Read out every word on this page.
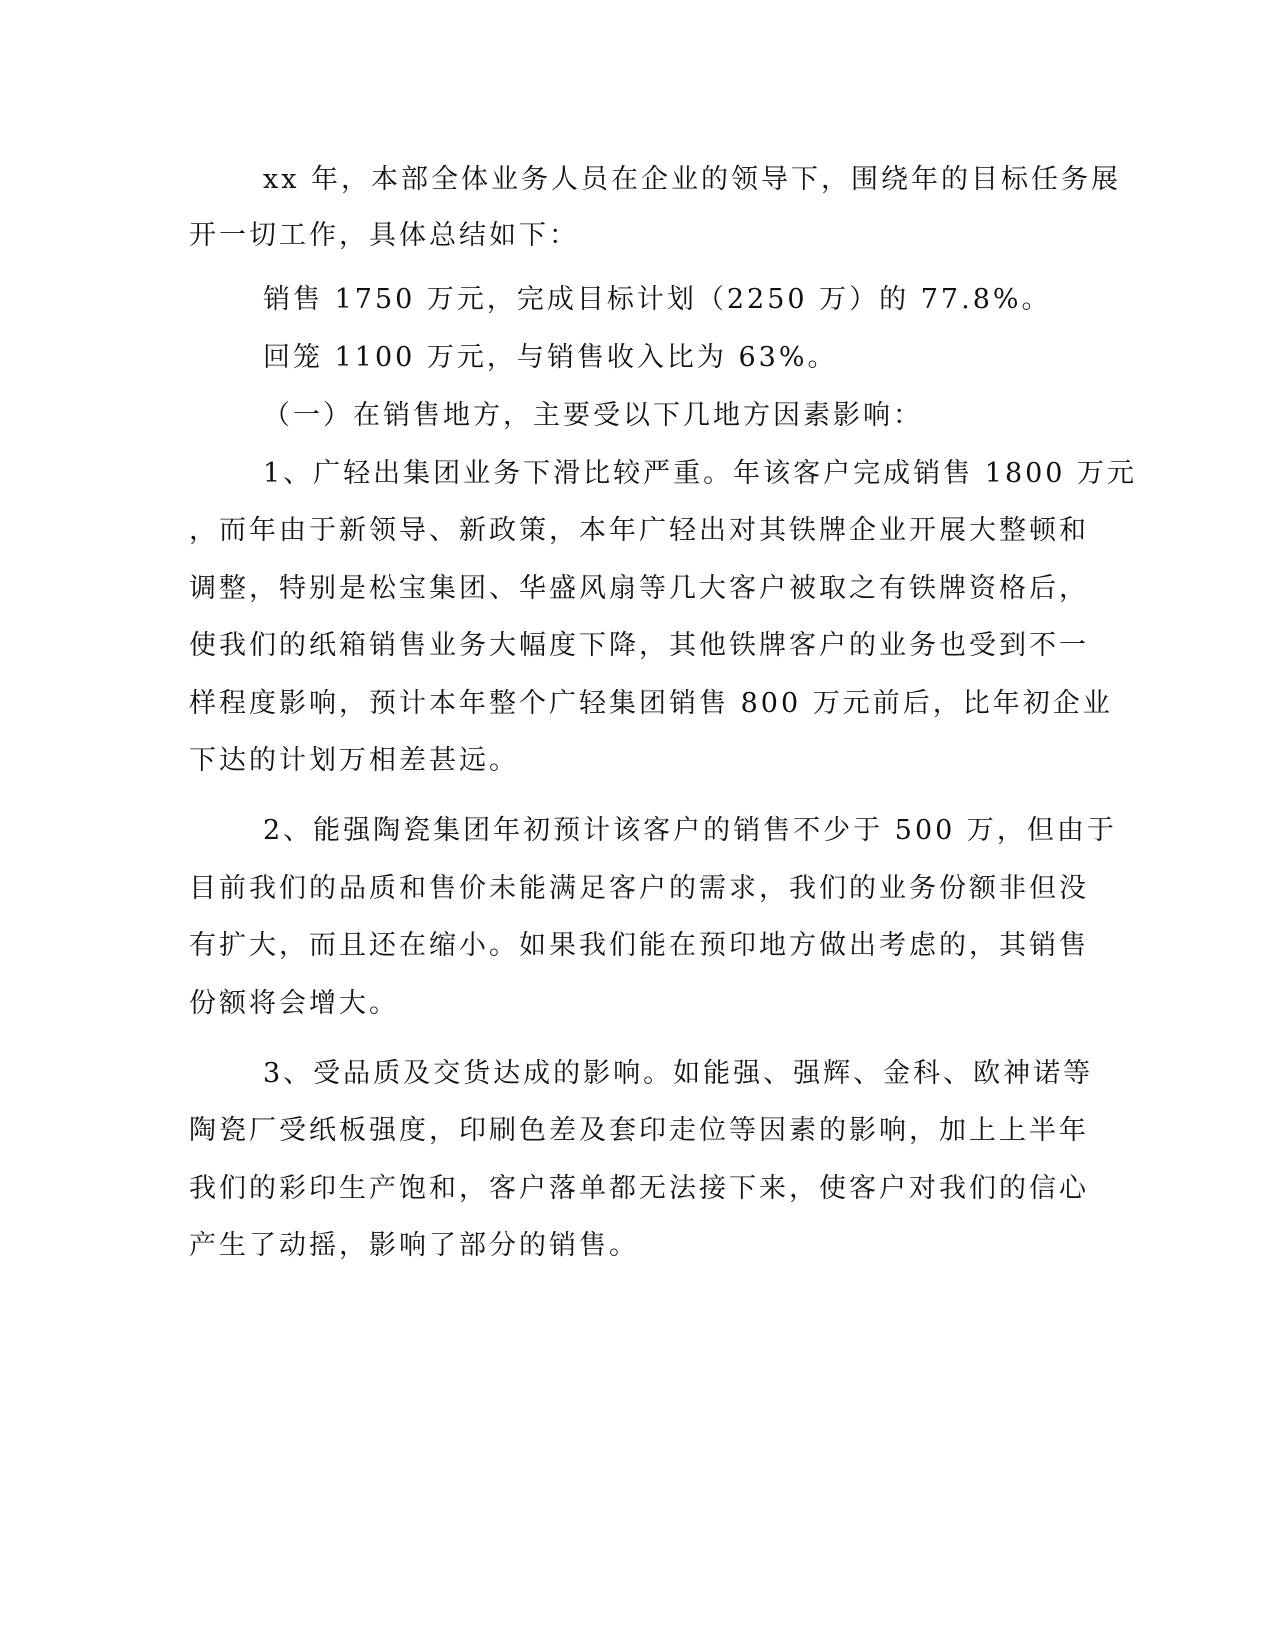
xx 年，本部全体业务人员在企业的领导下，围绕年的目标任务展
开一切工作，具体总结如下：
销售 1750 万元，完成目标计划（2250 万）的 77.8%。
回笼 1100 万元，与销售收入比为 63%。
（一）在销售地方，主要受以下几地方因素影响：
1、广轻出集团业务下滑比较严重。年该客户完成销售 1800 万元
，而年由于新领导、新政策，本年广轻出对其铁牌企业开展大整顿和
调整，特别是松宝集团、华盛风扇等几大客户被取之有铁牌资格后，
使我们的纸箱销售业务大幅度下降，其他铁牌客户的业务也受到不一
样程度影响，预计本年整个广轻集团销售 800 万元前后，比年初企业
下达的计划万相差甚远。
2、能强陶瓷集团年初预计该客户的销售不少于 500 万，但由于
目前我们的品质和售价未能满足客户的需求，我们的业务份额非但没
有扩大，而且还在缩小。如果我们能在预印地方做出考虑的，其销售
份额将会增大。
3、受品质及交货达成的影响。如能强、强辉、金科、欧神诺等
陶瓷厂受纸板强度，印刷色差及套印走位等因素的影响，加上上半年
我们的彩印生产饱和，客户落单都无法接下来，使客户对我们的信心
产生了动摇，影响了部分的销售。
